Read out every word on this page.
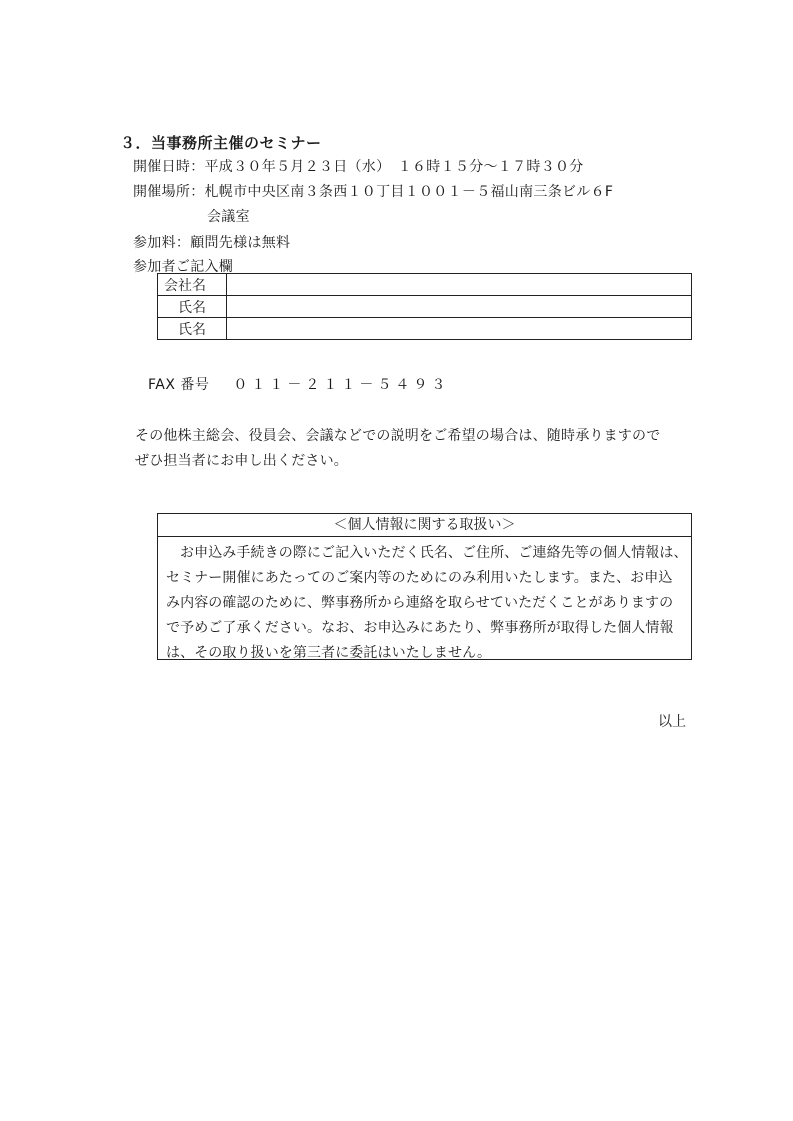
３．当事務所主催のセミナー
開催日時：平成３０年５月２３日（水）　１６時１５分～１７時３０分
開催場所：札幌市中央区南３条西１０丁目１００１－５福山南三条ビル６F
会議室
参加料：顧問先様は無料
参加者ご記入欄
会社名	
氏名	
氏名	
FAX 番号 ０１１－２１１－５４９３
その他株主総会、役員会、会議などでの説明をご希望の場合は、随時承りますので
ぜひ担当者にお申し出ください。
＜個人情報に関する取扱い＞
お申込み手続きの際にご記入いただく氏名、ご住所、ご連絡先等の個人情報は、
セミナー開催にあたってのご案内等のためにのみ利用いたします。また、お申込
み内容の確認のために、弊事務所から連絡を取らせていただくことがありますの
で予めご了承ください。なお、お申込みにあたり、弊事務所が取得した個人情報
は、その取り扱いを第三者に委託はいたしません。
以上
